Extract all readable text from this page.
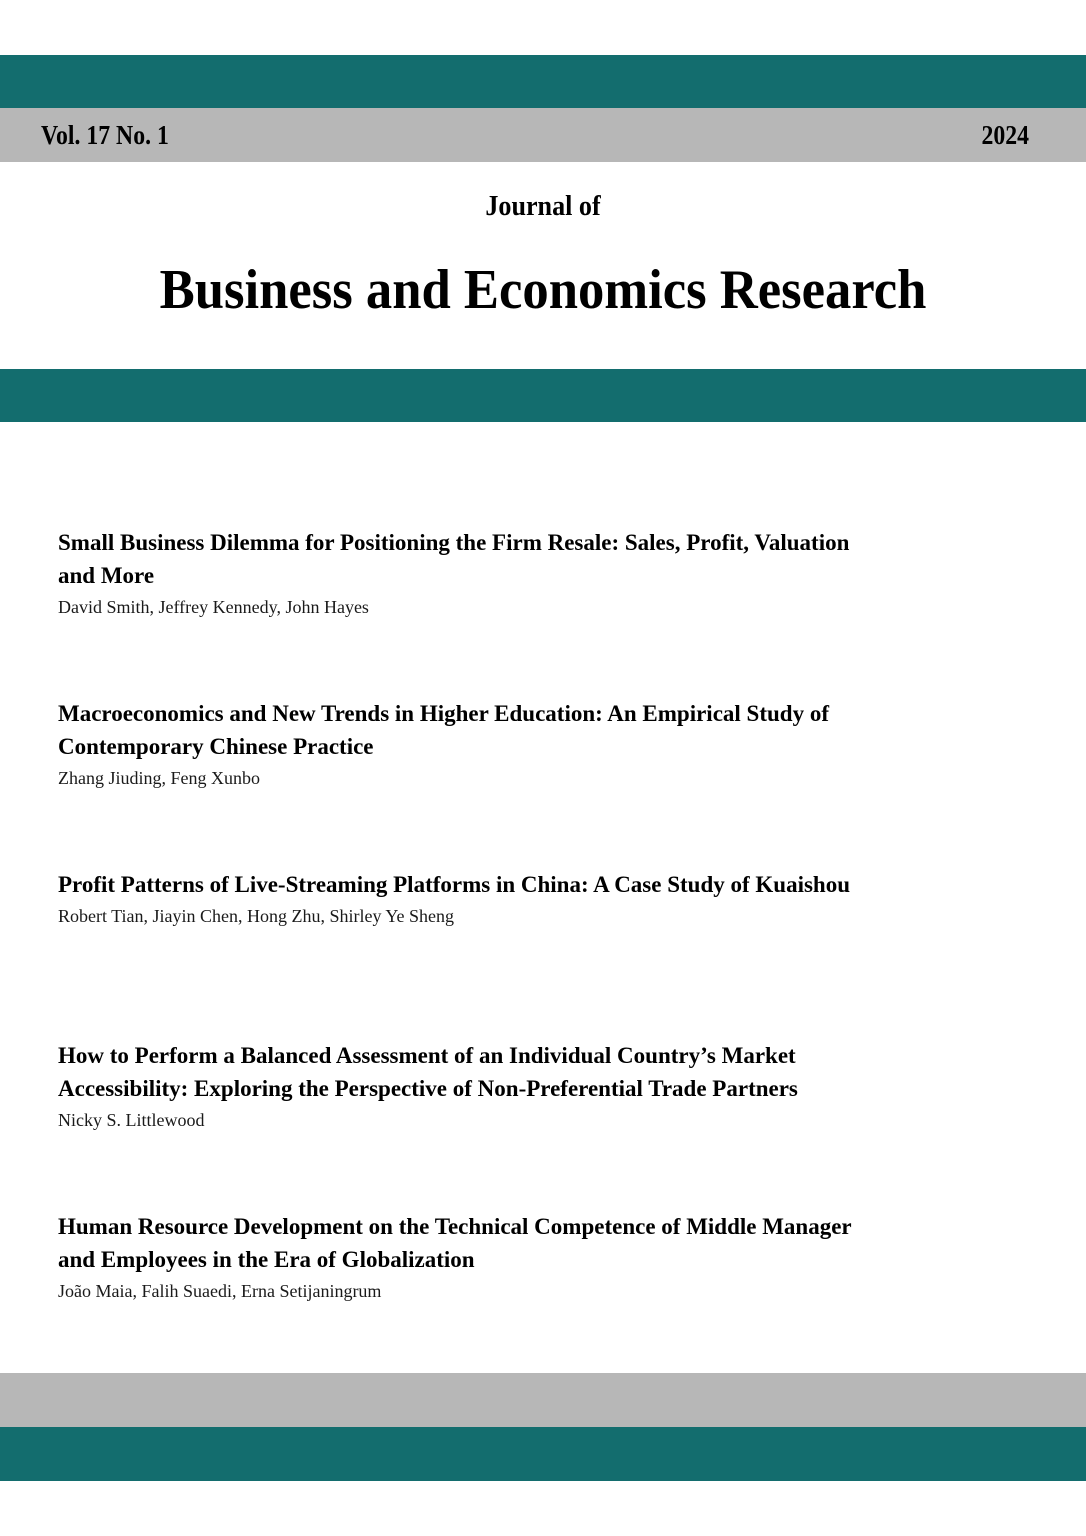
Vol. 17 No. 1	2024
Journal of
Business and Economics Research

Small Business Dilemma for Positioning the Firm Resale: Sales, Profit, Valuation and More

David Smith, Jeffrey Kennedy, John Hayes

Macroeconomics and New Trends in Higher Education: An Empirical Study of Contemporary Chinese Practice

Zhang Jiuding, Feng Xunbo

Profit Patterns of Live-Streaming Platforms in China: A Case Study of Kuaishou

Robert Tian, Jiayin Chen, Hong Zhu, Shirley Ye Sheng

How to Perform a Balanced Assessment of an Individual Country’s Market Accessibility: Exploring the Perspective of Non-Preferential Trade Partners

Nicky S. Littlewood

Human Resource Development on the Technical Competence of Middle Manager and Employees in the Era of Globalization

João Maia, Falih Suaedi, Erna Setijaningrum
